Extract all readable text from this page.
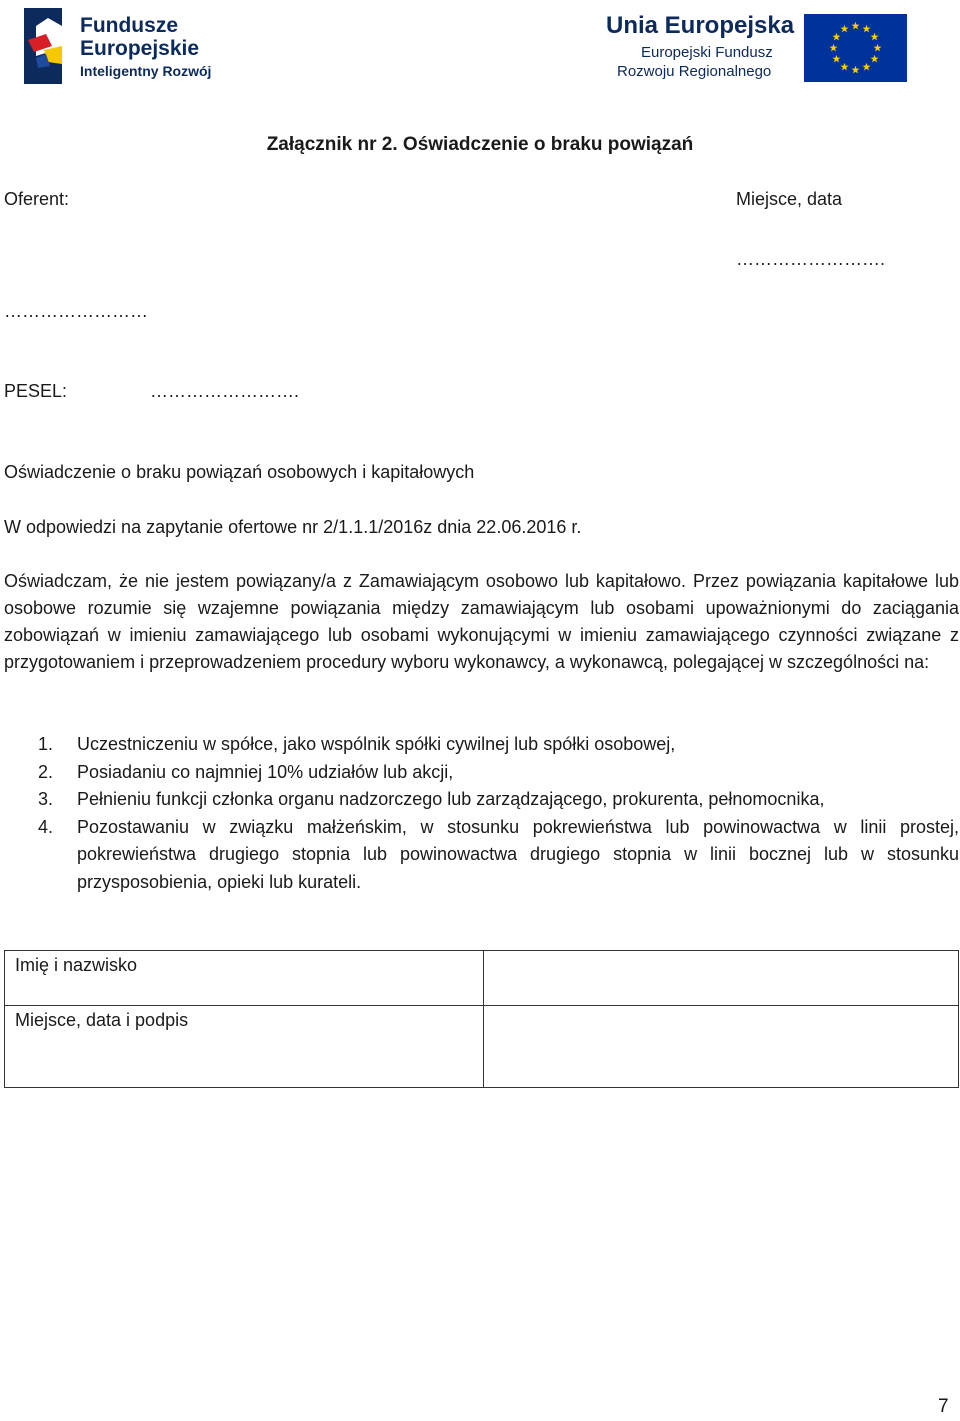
Fundusze
Europejskie
Inteligentny Rozwój
Unia Europejska
Europejski Fundusz
Rozwoju Regionalnego
Załącznik nr 2. Oświadczenie o braku powiązań
Oferent:	Miejsce, data
…………………….
……………………
PESEL:	…………………….
Oświadczenie o braku powiązań osobowych i kapitałowych
W odpowiedzi na zapytanie ofertowe nr 2/1.1.1/2016z dnia 22.06.2016 r.
Oświadczam, że nie jestem powiązany/a z Zamawiającym osobowo lub kapitałowo. Przez powiązania kapitałowe lub osobowe rozumie się wzajemne powiązania między zamawiającym lub osobami upoważnionymi do zaciągania zobowiązań w imieniu zamawiającego lub osobami wykonującymi w imieniu zamawiającego czynności związane z przygotowaniem i przeprowadzeniem procedury wyboru wykonawcy, a wykonawcą, polegającej w szczególności na:
1. Uczestniczeniu w spółce, jako wspólnik spółki cywilnej lub spółki osobowej,
2. Posiadaniu co najmniej 10% udziałów lub akcji,
3. Pełnieniu funkcji członka organu nadzorczego lub zarządzającego, prokurenta, pełnomocnika,
4. Pozostawaniu w związku małżeńskim, w stosunku pokrewieństwa lub powinowactwa w linii prostej, pokrewieństwa drugiego stopnia lub powinowactwa drugiego stopnia w linii bocznej lub w stosunku przysposobienia, opieki lub kurateli.
Imię i nazwisko
Miejsce, data i podpis
7
